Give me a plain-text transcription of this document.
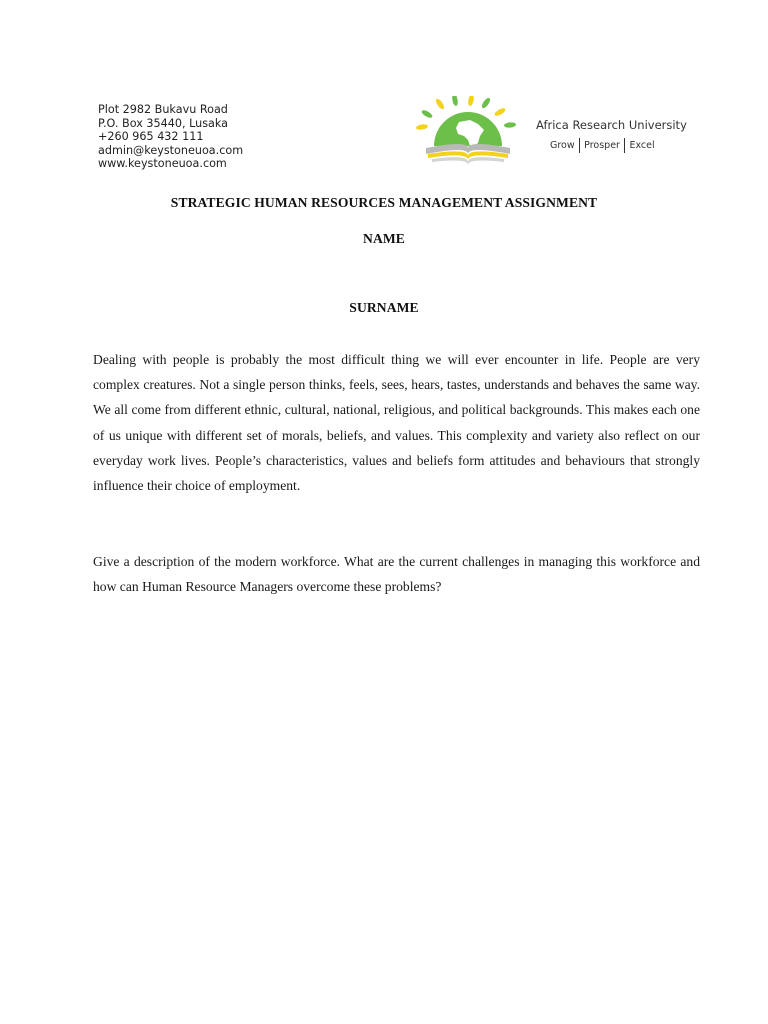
Plot 2982 Bukavu Road
P.O. Box 35440, Lusaka
+260 965 432 111
admin@keystoneuoa.com
www.keystoneuoa.com
Africa Research University
Grow Prosper Excel
STRATEGIC HUMAN RESOURCES MANAGEMENT ASSIGNMENT
NAME
SURNAME

Dealing with people is probably the most difficult thing we will ever encounter in life. People are very complex creatures. Not a single person thinks, feels, sees, hears, tastes, understands and behaves the same way. We all come from different ethnic, cultural, national, religious, and political backgrounds. This makes each one of us unique with different set of morals, beliefs, and values. This complexity and variety also reflect on our everyday work lives. People’s characteristics, values and beliefs form attitudes and behaviours that strongly influence their choice of employment.

Give a description of the modern workforce. What are the current challenges in managing this workforce and how can Human Resource Managers overcome these problems?
